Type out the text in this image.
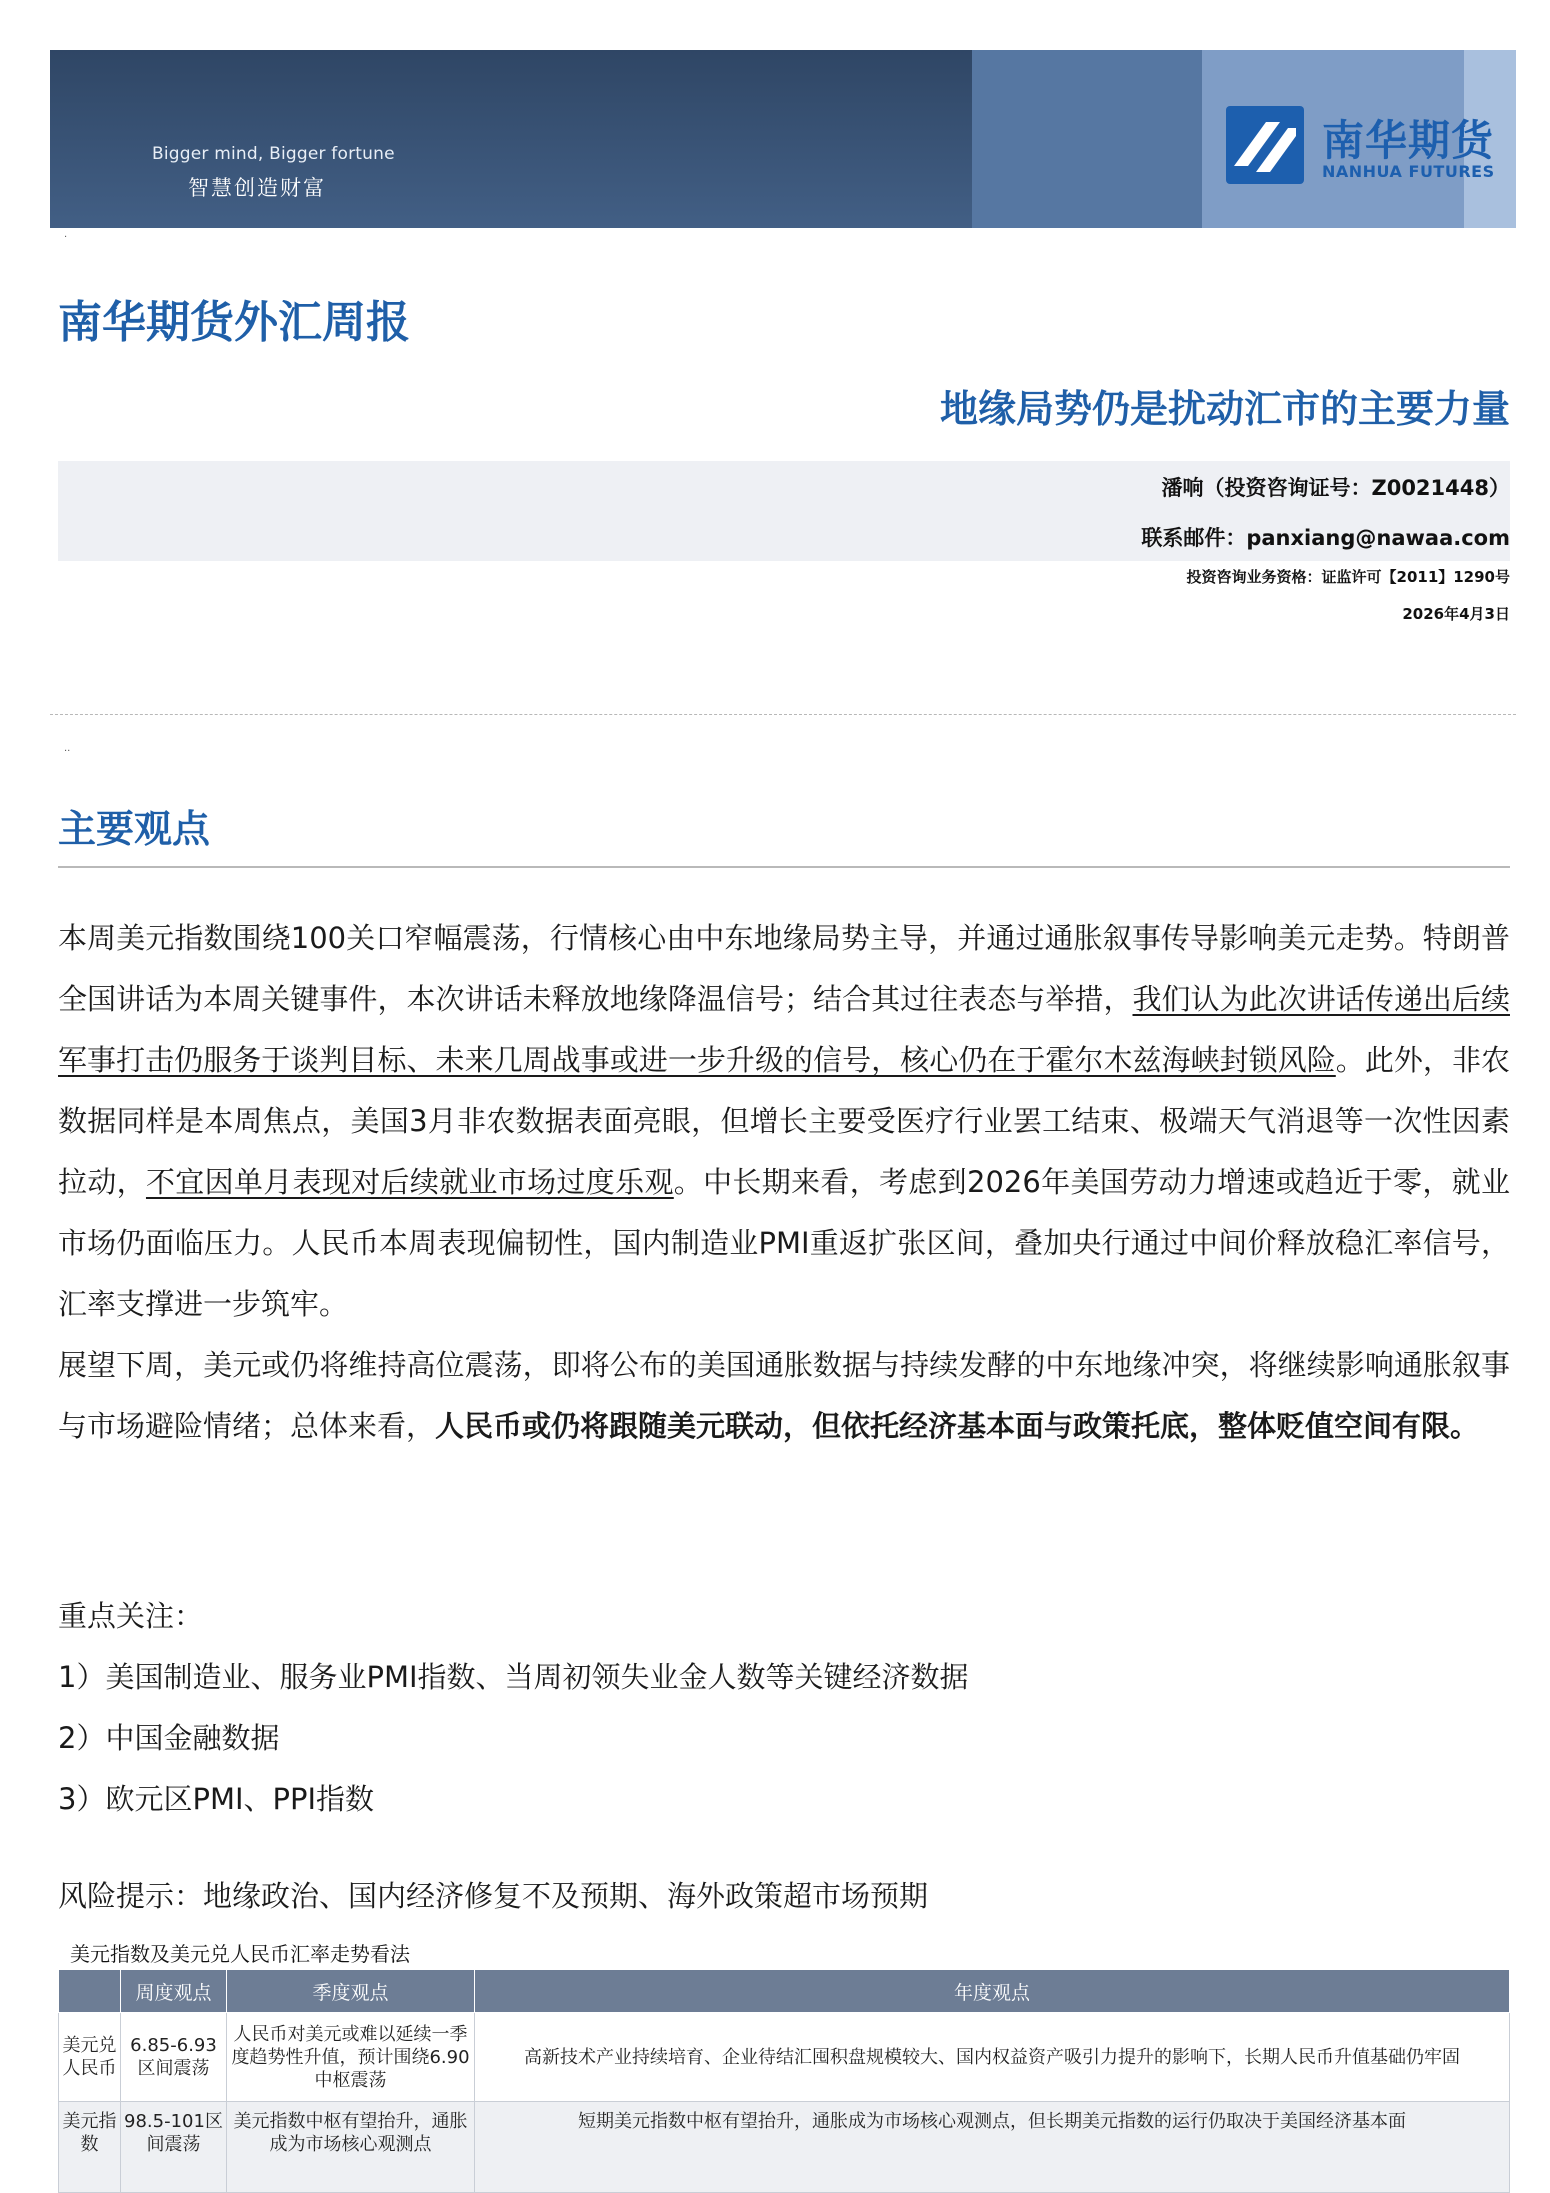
Bigger mind, Bigger fortune
智慧创造财富
南华期货
NANHUA FUTURES
·
南华期货外汇周报
地缘局势仍是扰动汇市的主要力量
潘响（投资咨询证号：Z0021448）
联系邮件：panxiang@nawaa.com
投资咨询业务资格：证监许可【2011】1290号
2026年4月3日
··
主要观点
本周美元指数围绕100关口窄幅震荡，行情核心由中东地缘局势主导，并通过通胀叙事传导影响美元走势。特朗普全国讲话为本周关键事件，本次讲话未释放地缘降温信号；结合其过往表态与举措，我们认为此次讲话传递出后续军事打击仍服务于谈判目标、未来几周战事或进一步升级的信号，核心仍在于霍尔木兹海峡封锁风险。此外，非农数据同样是本周焦点，美国3月非农数据表面亮眼，但增长主要受医疗行业罢工结束、极端天气消退等一次性因素拉动，不宜因单月表现对后续就业市场过度乐观。中长期来看，考虑到2026年美国劳动力增速或趋近于零，就业市场仍面临压力。人民币本周表现偏韧性，国内制造业PMI重返扩张区间，叠加央行通过中间价释放稳汇率信号，汇率支撑进一步筑牢。
展望下周，美元或仍将维持高位震荡，即将公布的美国通胀数据与持续发酵的中东地缘冲突，将继续影响通胀叙事与市场避险情绪；总体来看，人民币或仍将跟随美元联动，但依托经济基本面与政策托底，整体贬值空间有限。
重点关注：
1）美国制造业、服务业PMI指数、当周初领失业金人数等关键经济数据
2）中国金融数据
3）欧元区PMI、PPI指数
风险提示：地缘政治、国内经济修复不及预期、海外政策超市场预期
美元指数及美元兑人民币汇率走势看法
	周度观点	季度观点	年度观点
美元兑人民币	6.85-6.93区间震荡	人民币对美元或难以延续一季度趋势性升值，预计围绕6.90中枢震荡	高新技术产业持续培育、企业待结汇囤积盘规模较大、国内权益资产吸引力提升的影响下，长期人民币升值基础仍牢固
美元指数	98.5-101区间震荡	美元指数中枢有望抬升，通胀成为市场核心观测点	短期美元指数中枢有望抬升，通胀成为市场核心观测点，但长期美元指数的运行仍取决于美国经济基本面
